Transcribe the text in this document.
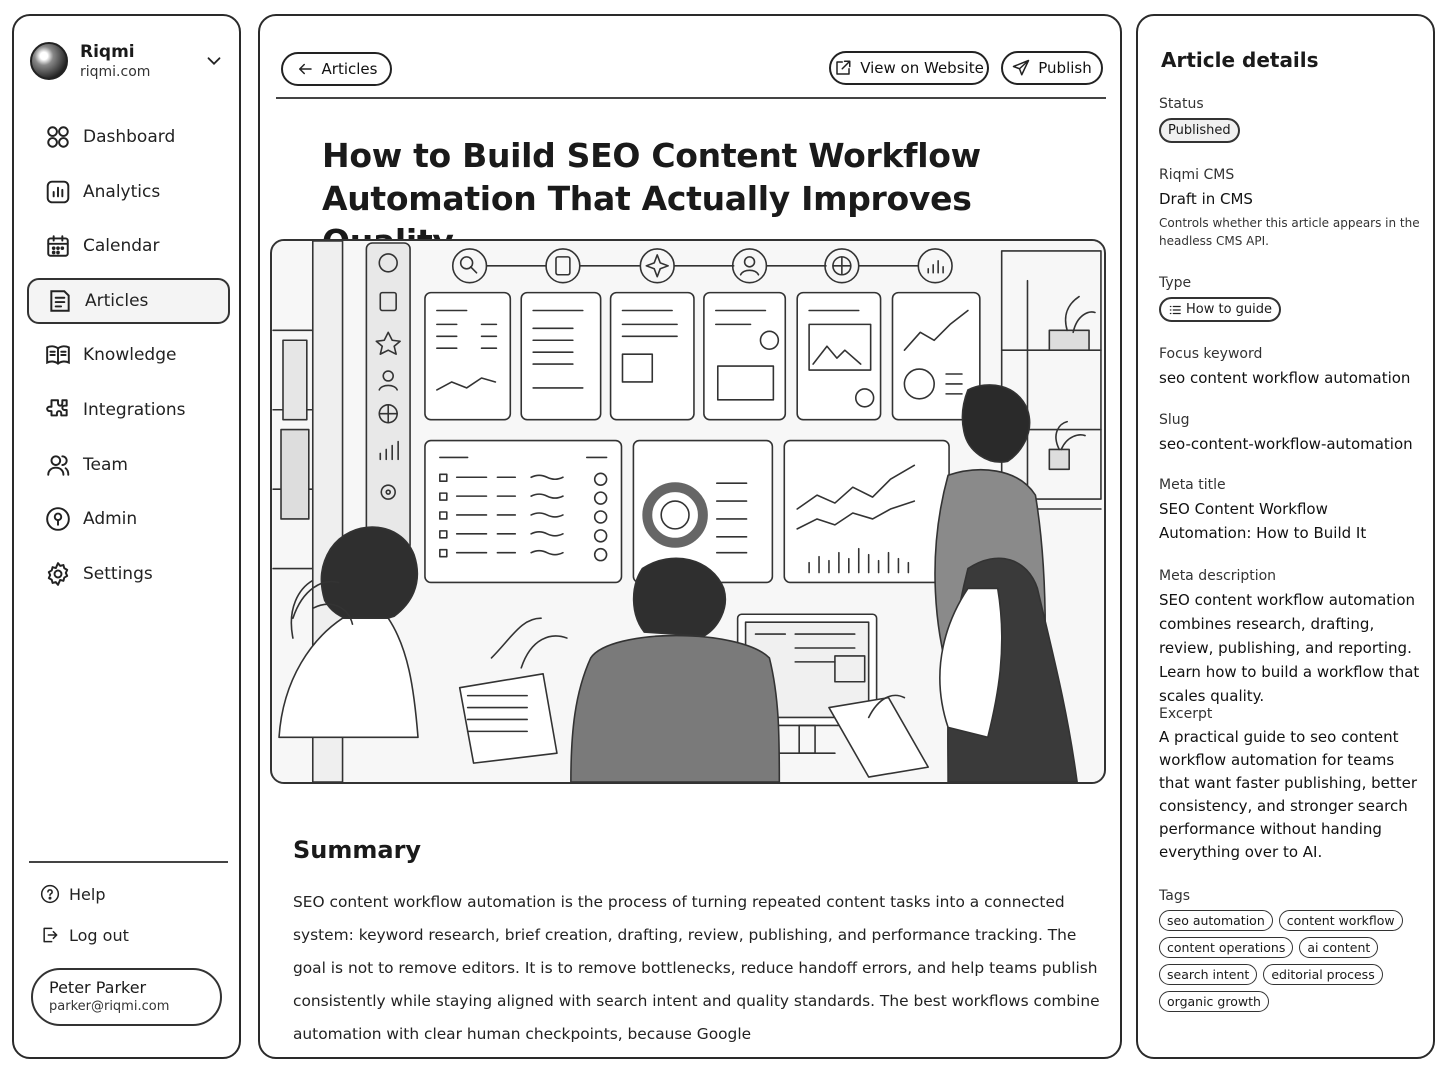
Riqmi
riqmi.com
Dashboard
Analytics
Calendar
Articles
Knowledge
Integrations
Team
Admin
Settings
Help
Log out
Peter Parker
parker@riqmi.com
Articles	View on Website	Publish
How to Build SEO Content Workflow Automation That Actually Improves
Summary

SEO content workflow automation is the process of turning repeated content tasks into a connected system: keyword research, brief creation, drafting, review, publishing, and performance tracking. The goal is not to remove editors. It is to remove bottlenecks, reduce handoff errors, and help teams publish consistently while staying aligned with search intent and quality standards. The best workflows combine automation with clear human checkpoints, because Google

Article details
Status
Published
Riqmi CMS
Draft in CMS
Controls whether this article appears in the headless CMS API.
Type
How to guide
Focus keyword
seo content workflow automation
Slug
seo-content-workflow-automation
Meta title
SEO Content Workflow Automation: How to Build It
Meta description
SEO content workflow automation combines research, drafting, review, publishing, and reporting. Learn how to build a workflow that scales quality.
Excerpt
A practical guide to seo content workflow automation for teams that want faster publishing, better consistency, and stronger search performance without handing everything over to AI.
Tags
seo automation	content workflow
content operations	ai content
search intent	editorial process
organic growth
